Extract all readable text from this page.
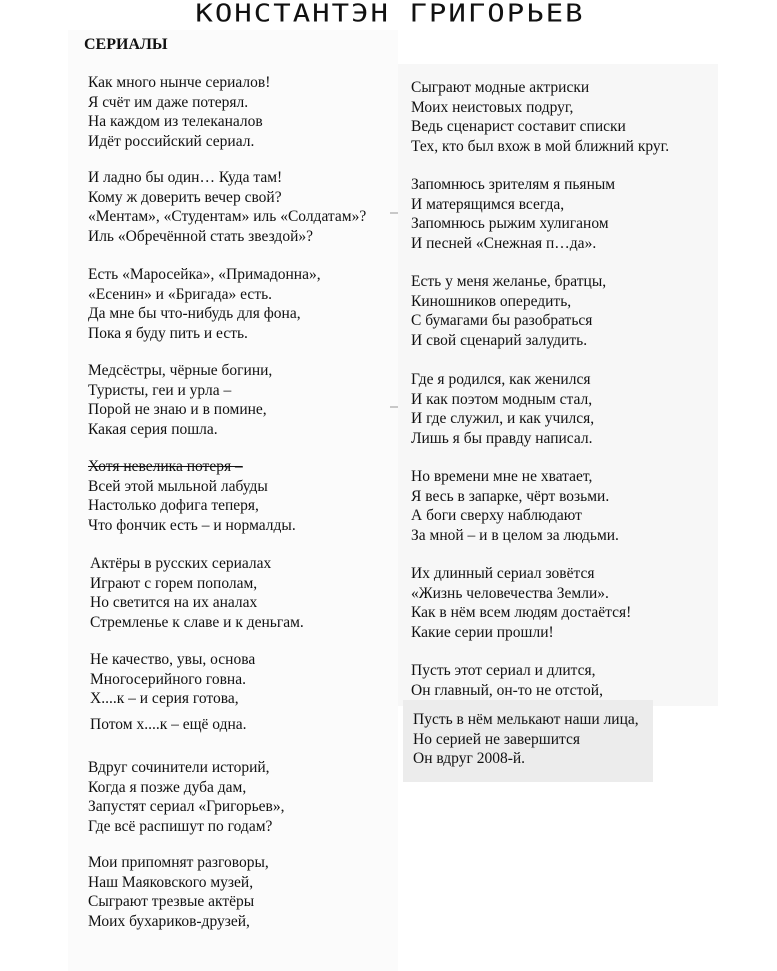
КОНСТАНТЭН ГРИГОРЬЕВ
СЕРИАЛЫ
Как много нынче сериалов!
Я счёт им даже потерял.
На каждом из телеканалов
Идёт российский сериал.
И ладно бы один… Куда там!
Кому ж доверить вечер свой?
«Ментам», «Студентам» иль «Солдатам»?
Иль «Обречённой стать звездой»?
Есть «Маросейка», «Примадонна»,
«Есенин» и «Бригада» есть.
Да мне бы что-нибудь для фона,
Пока я буду пить и есть.
Медсёстры, чёрные богини,
Туристы, геи и урла –
Порой не знаю и в помине,
Какая серия пошла.
Хотя невелика потеря –
Всей этой мыльной лабуды
Настолько дофига теперя,
Что фончик есть – и нормалды.
Актёры в русских сериалах
Играют с горем пополам,
Но светится на их аналах
Стремленье к славе и к деньгам.
Не качество, увы, основа
Многосерийного говна.
Х....к – и серия готова,
Потом х....к – ещё одна.
Вдруг сочинители историй,
Когда я позже дуба дам,
Запустят сериал «Григорьев»,
Где всё распишут по годам?
Мои припомнят разговоры,
Наш Маяковского музей,
Сыграют трезвые актёры
Моих бухариков-друзей,
Сыграют модные актриски
Моих неистовых подруг,
Ведь сценарист составит списки
Тех, кто был вхож в мой ближний круг.
Запомнюсь зрителям я пьяным
И матерящимся всегда,
Запомнюсь рыжим хулиганом
И песней «Снежная п…да».
Есть у меня желанье, братцы,
Киношников опередить,
С бумагами бы разобраться
И свой сценарий залудить.
Где я родился, как женился
И как поэтом модным стал,
И где служил, и как учился,
Лишь я бы правду написал.
Но времени мне не хватает,
Я весь в запарке, чёрт возьми.
А боги сверху наблюдают
За мной – и в целом за людьми.
Их длинный сериал зовётся
«Жизнь человечества Земли».
Как в нём всем людям достаётся!
Какие серии прошли!
Пусть этот сериал и длится,
Он главный, он-то не отстой,
Пусть в нём мелькают наши лица,
Но серией не завершится
Он вдруг 2008-й.
